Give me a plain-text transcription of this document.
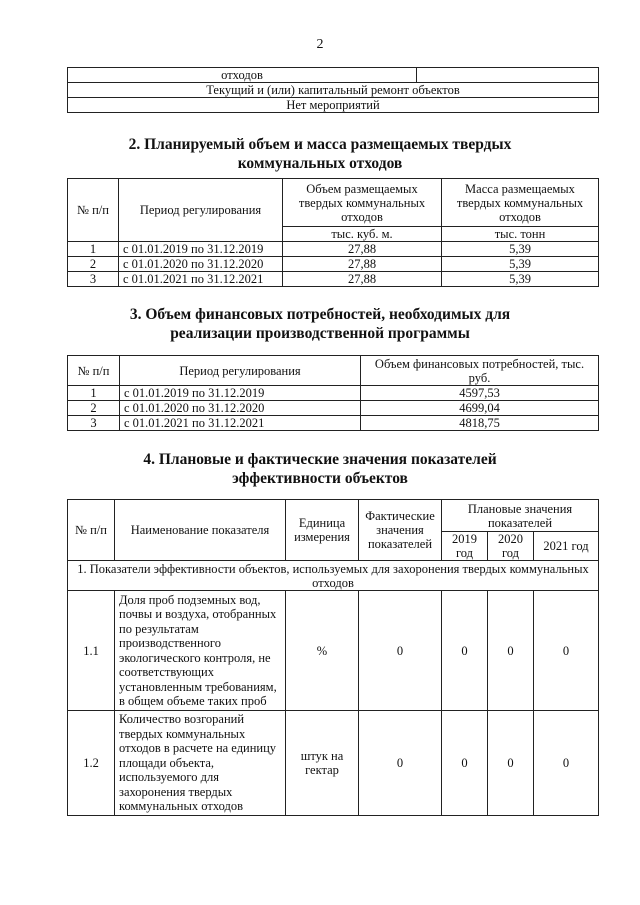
2
отходов	
Текущий и (или) капитальный ремонт объектов
Нет мероприятий
2. Планируемый объем и масса размещаемых твердых
коммунальных отходов
№ п/п	Период регулирования	Объем размещаемых твердых коммунальных отходов	Масса размещаемых твердых коммунальных отходов
		тыс. куб. м.	тыс. тонн
1	с 01.01.2019 по 31.12.2019	27,88	5,39
2	с 01.01.2020 по 31.12.2020	27,88	5,39
3	с 01.01.2021 по 31.12.2021	27,88	5,39
3. Объем финансовых потребностей, необходимых для
реализации производственной программы
№ п/п	Период регулирования	Объем финансовых потребностей, тыс. руб.
1	с 01.01.2019 по 31.12.2019	4597,53
2	с 01.01.2020 по 31.12.2020	4699,04
3	с 01.01.2021 по 31.12.2021	4818,75
4. Плановые и фактические значения показателей
эффективности объектов
№ п/п	Наименование показателя	Единица измерения	Фактические значения показателей	Плановые значения показателей		
				2019 год	2020 год	2021 год
1. Показатели эффективности объектов, используемых для захоронения твердых коммунальных отходов						
1.1	Доля проб подземных вод, почвы и воздуха, отобранных по результатам производственного экологического контроля, не соответствующих установленным требованиям, в общем объеме таких проб	%	0	0	0	0
1.2	Количество возгораний твердых коммунальных отходов в расчете на единицу площади объекта, используемого для захоронения твердых коммунальных отходов	штук на гектар	0	0	0	0
